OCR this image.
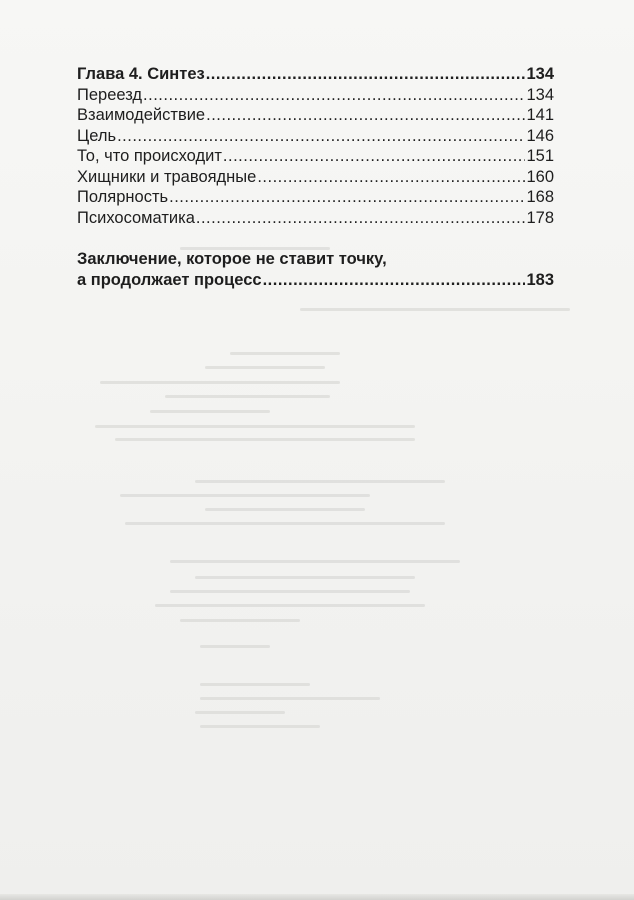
Глава 4. Синтез .....	134
Переезд .....	134
Взаимодействие .....	141
Цель .....	146
То, что происходит .....	151
Хищники и травоядные .....	160
Полярность .....	168
Психосоматика .....	178
Заключение, которое не ставит точку,
а продолжает процесс .....	183
